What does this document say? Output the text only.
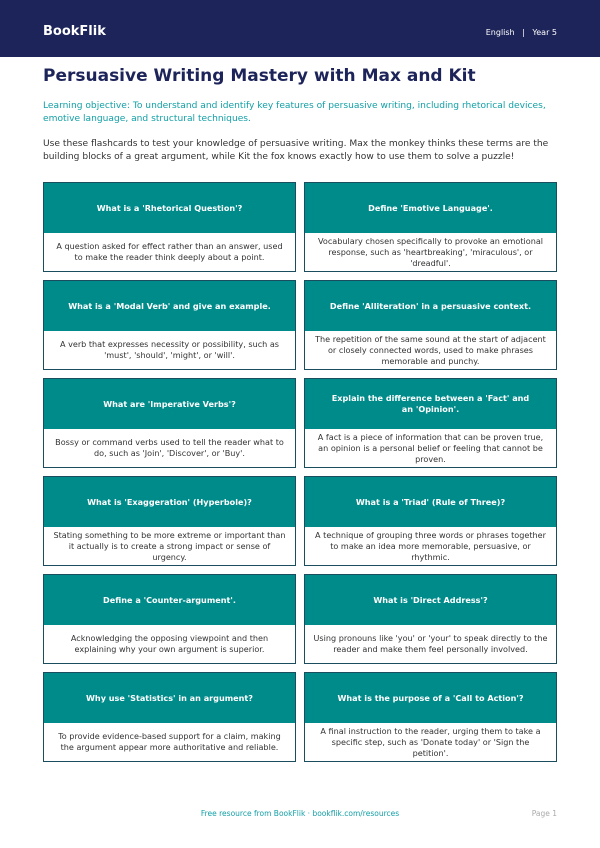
BookFlik	English | Year 5
Persuasive Writing Mastery with Max and Kit
Learning objective: To understand and identify key features of persuasive writing, including rhetorical devices, emotive language, and structural techniques.
Use these flashcards to test your knowledge of persuasive writing. Max the monkey thinks these terms are the building blocks of a great argument, while Kit the fox knows exactly how to use them to solve a puzzle!
What is a 'Rhetorical Question'?
A question asked for effect rather than an answer, used to make the reader think deeply about a point.
Define 'Emotive Language'.
Vocabulary chosen specifically to provoke an emotional response, such as 'heartbreaking', 'miraculous', or 'dreadful'.
What is a 'Modal Verb' and give an example.
A verb that expresses necessity or possibility, such as 'must', 'should', 'might', or 'will'.
Define 'Alliteration' in a persuasive context.
The repetition of the same sound at the start of adjacent or closely connected words, used to make phrases memorable and punchy.
What are 'Imperative Verbs'?
Bossy or command verbs used to tell the reader what to do, such as 'Join', 'Discover', or 'Buy'.
Explain the difference between a 'Fact' and an 'Opinion'.
A fact is a piece of information that can be proven true, an opinion is a personal belief or feeling that cannot be proven.
What is 'Exaggeration' (Hyperbole)?
Stating something to be more extreme or important than it actually is to create a strong impact or sense of urgency.
What is a 'Triad' (Rule of Three)?
A technique of grouping three words or phrases together to make an idea more memorable, persuasive, or rhythmic.
Define a 'Counter-argument'.
Acknowledging the opposing viewpoint and then explaining why your own argument is superior.
What is 'Direct Address'?
Using pronouns like 'you' or 'your' to speak directly to the reader and make them feel personally involved.
Why use 'Statistics' in an argument?
To provide evidence-based support for a claim, making the argument appear more authoritative and reliable.
What is the purpose of a 'Call to Action'?
A final instruction to the reader, urging them to take a specific step, such as 'Donate today' or 'Sign the petition'.
Free resource from BookFlik · bookflik.com/resources	Page 1
